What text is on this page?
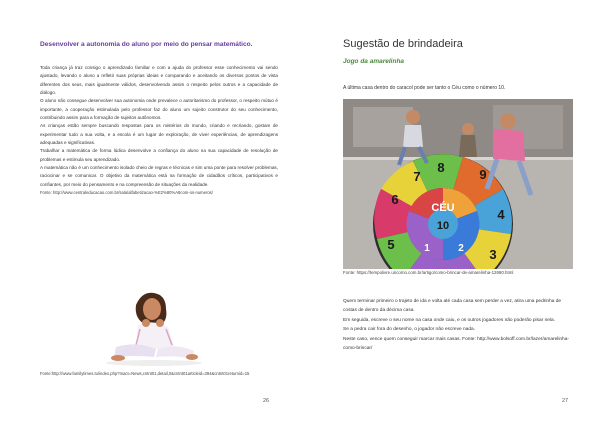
Desenvolver a autonomia do aluno por meio do pensar matemático.

Toda criança já traz consigo o aprendizado familiar e com a ajuda do professor esse conhecimento vai sendo ajustado, levando o aluno a refletir suas próprias ideias e comparando e aceitando os diversos pontos de vista diferentes dos seus, mais igualmente válidos, desenvolvendo assim o respeito pelos outros e a capacidade de diálogo.

O aluno não consegue desenvolver sua autonomia onde prevalece o autoritarismo do professor, o respeito mútuo é importante, a cooperação estimulada pelo professor faz do aluno um sujeito construtor do seu conhecimento, contribuindo assim para a formação de sujeitos autônomos.

As crianças estão sempre buscando respostas para os mistérios do mundo, criando e recriando, gostam de experimentar tudo a sua volta, e a escola é um lugar de exploração, de viver experiências, de aprendizagens adequadas e significativas.

Trabalhar a matemática de forma lúdica desenvolve a confiança do aluno na sua capacidade de resolução de problemas e estimula seu aprendizado.

A matemática não é um conhecimento isolado cheio de regras e técnicas e sim uma ponte para resolver problemas, raciocinar e se comunicar. O objetivo da matemática está na formação de cidadãos críticos, participativos e confiantes, por meio do pensamento e na compreensão de situações da realidade.

Fonte: http://www.centraleducacao.com.br/sala/alfabetizacao-%E2%80%A8com-os-numeros/

Fonte:http://www.familytimes.tu/index.php?mact=News,cntnt01,detail,0&cntnt01articleid=394&cntnt01returnid=15
26
Sugestão de brindadeira
Jogo da amarelinha
A última casa dentro do caracol pode ser tanto o Céu como o número 10.
8	9
4
3
CÉU
10
6
5
7
2
1
Fonte: https://tempolivre.uncomo.com.br/artigo/como-brincar-de-amarelinha-12690.html

Quem terminar primeiro o trajeto de ida e volta até cada casa sem perder a vez, atira uma pedrinha de costas de dentro da décima casa.

Em seguida, escreve o seu nome na casa onde caiu, e os outros jogadores não poderão pisar nela.

Se a pedra cair fora do desenho, o jogador não escreve nada.

Neste caso, vence quem conseguir marcar mais casas. Fonte: http://www.bolsoff.com.br/lazer/amarelinha-como-brincar/

27
